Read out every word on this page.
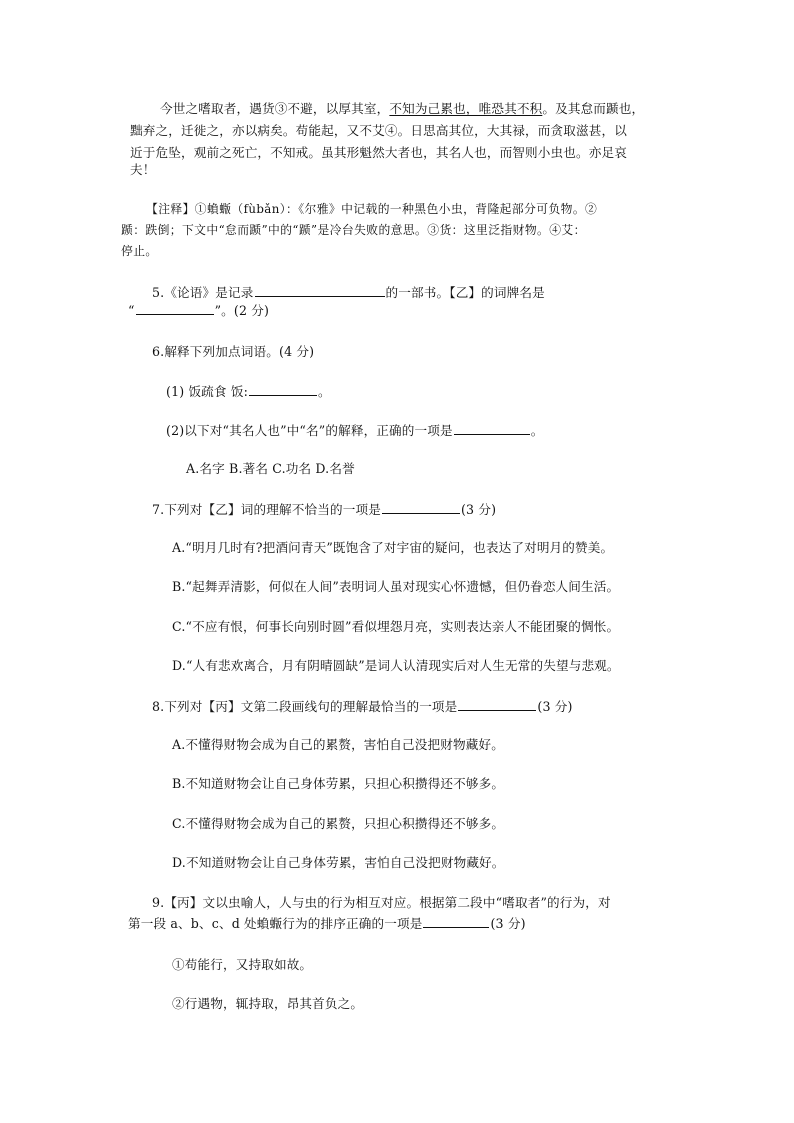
今世之嗜取者，遇货③不避，以厚其室，不知为己累也，唯恐其不积。及其怠而踬也，
黜弃之，迁徙之，亦以病矣。苟能起，又不艾④。日思高其位，大其禄，而贪取滋甚，以
近于危坠，观前之死亡，不知戒。虽其形魁然大者也，其名人也，而智则小虫也。亦足哀
夫！
【注释】①蝜蝂（fùbǎn）：《尔雅》中记载的一种黑色小虫，背隆起部分可负物。②
踬：跌倒；下文中“怠而踬”中的“踬”是冷台失败的意思。③货：这里泛指财物。④艾：
停止。
5.《论语》是记录	的一部书。【乙】的词牌名是
“	”。(2 分)
6.解释下列加点词语。(4 分)
(1) 饭疏食 饭:	。
(2)以下对“其名人也”中“名”的解释，正确的一项是	。
A.名字 B.著名 C.功名 D.名誉
7.下列对【乙】词的理解不恰当的一项是	(3 分)
A.“明月几时有?把酒问青天”既饱含了对宇宙的疑问，也表达了对明月的赞美。
B.“起舞弄清影，何似在人间”表明词人虽对现实心怀遗憾，但仍眷恋人间生活。
C.“不应有恨，何事长向别时圆”看似埋怨月亮，实则表达亲人不能团聚的惆怅。
D.“人有悲欢离合，月有阴晴圆缺”是词人认清现实后对人生无常的失望与悲观。
8.下列对【丙】文第二段画线句的理解最恰当的一项是	(3 分)
A.不懂得财物会成为自己的累赘，害怕自己没把财物藏好。
B.不知道财物会让自己身体劳累，只担心积攒得还不够多。
C.不懂得财物会成为自己的累赘，只担心积攒得还不够多。
D.不知道财物会让自己身体劳累，害怕自己没把财物藏好。
9.【丙】文以虫喻人，人与虫的行为相互对应。根据第二段中“嗜取者”的行为，对
第一段 a、b、c、d 处蝜蝂行为的排序正确的一项是	(3 分)
①苟能行，又持取如故。
②行遇物，辄持取，昂其首负之。
